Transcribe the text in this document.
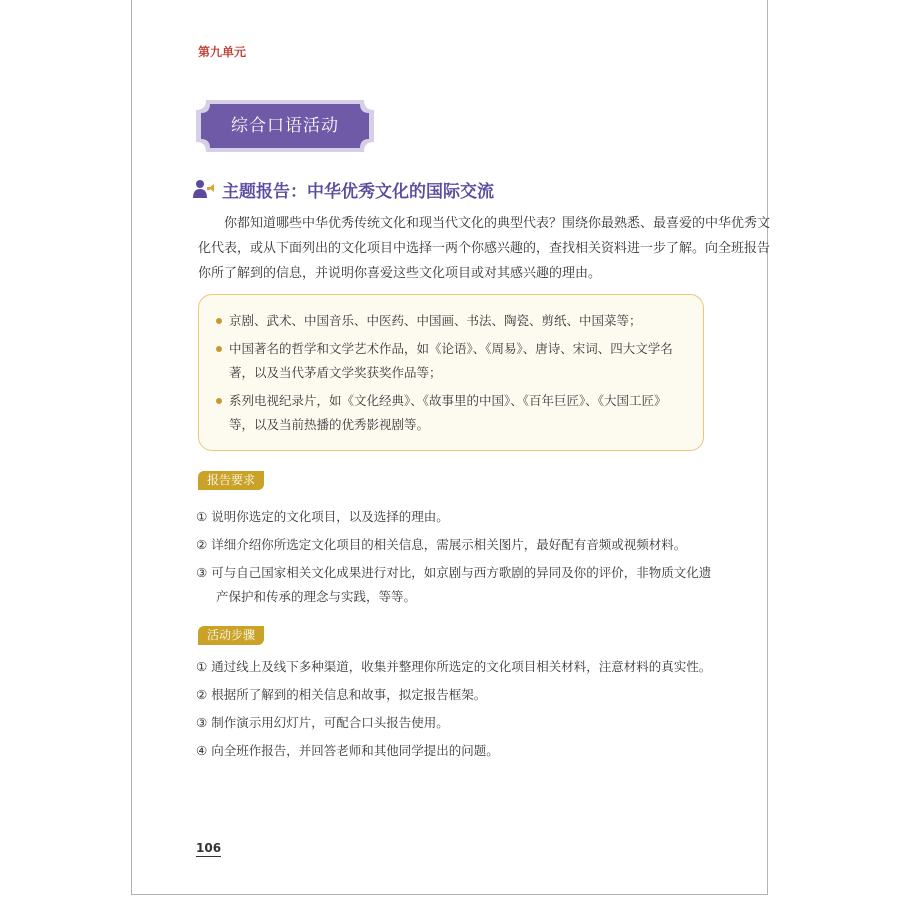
第九单元
综合口语活动
主题报告：中华优秀文化的国际交流

你都知道哪些中华优秀传统文化和现当代文化的典型代表？围绕你最熟悉、最喜爱的中华优秀文化代表，或从下面列出的文化项目中选择一两个你感兴趣的，查找相关资料进一步了解。向全班报告你所了解到的信息，并说明你喜爱这些文化项目或对其感兴趣的理由。

京剧、武术、中国音乐、中医药、中国画、书法、陶瓷、剪纸、中国菜等；
中国著名的哲学和文学艺术作品，如《论语》、《周易》、唐诗、宋词、四大文学名著，以及当代茅盾文学奖获奖作品等；
系列电视纪录片，如《文化经典》、《故事里的中国》、《百年巨匠》、《大国工匠》等，以及当前热播的优秀影视剧等。
报告要求
① 说明你选定的文化项目，以及选择的理由。
② 详细介绍你所选定文化项目的相关信息，需展示相关图片，最好配有音频或视频材料。
③ 可与自己国家相关文化成果进行对比，如京剧与西方歌剧的异同及你的评价，非物质文化遗产保护和传承的理念与实践，等等。
活动步骤
① 通过线上及线下多种渠道，收集并整理你所选定的文化项目相关材料，注意材料的真实性。
② 根据所了解到的相关信息和故事，拟定报告框架。
③ 制作演示用幻灯片，可配合口头报告使用。
④ 向全班作报告，并回答老师和其他同学提出的问题。
106
